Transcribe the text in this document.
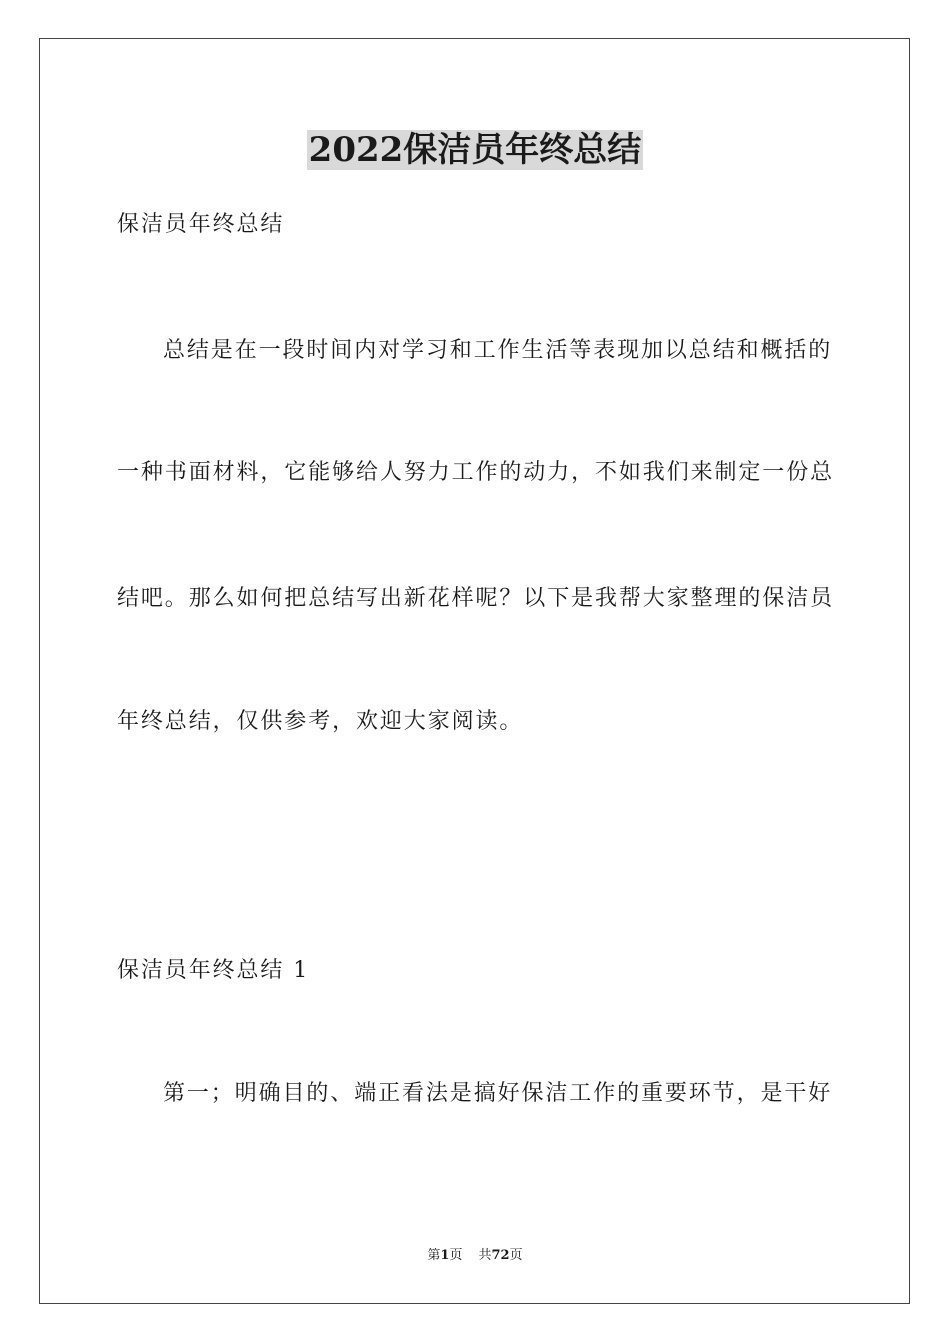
2022保洁员年终总结
保洁员年终总结
总结是在一段时间内对学习和工作生活等表现加以总结和概括的
一种书面材料，它能够给人努力工作的动力，不如我们来制定一份总
结吧。那么如何把总结写出新花样呢？以下是我帮大家整理的保洁员
年终总结，仅供参考，欢迎大家阅读。
保洁员年终总结 1
第一；明确目的、端正看法是搞好保洁工作的重要环节，是干好
第1页 共72页
